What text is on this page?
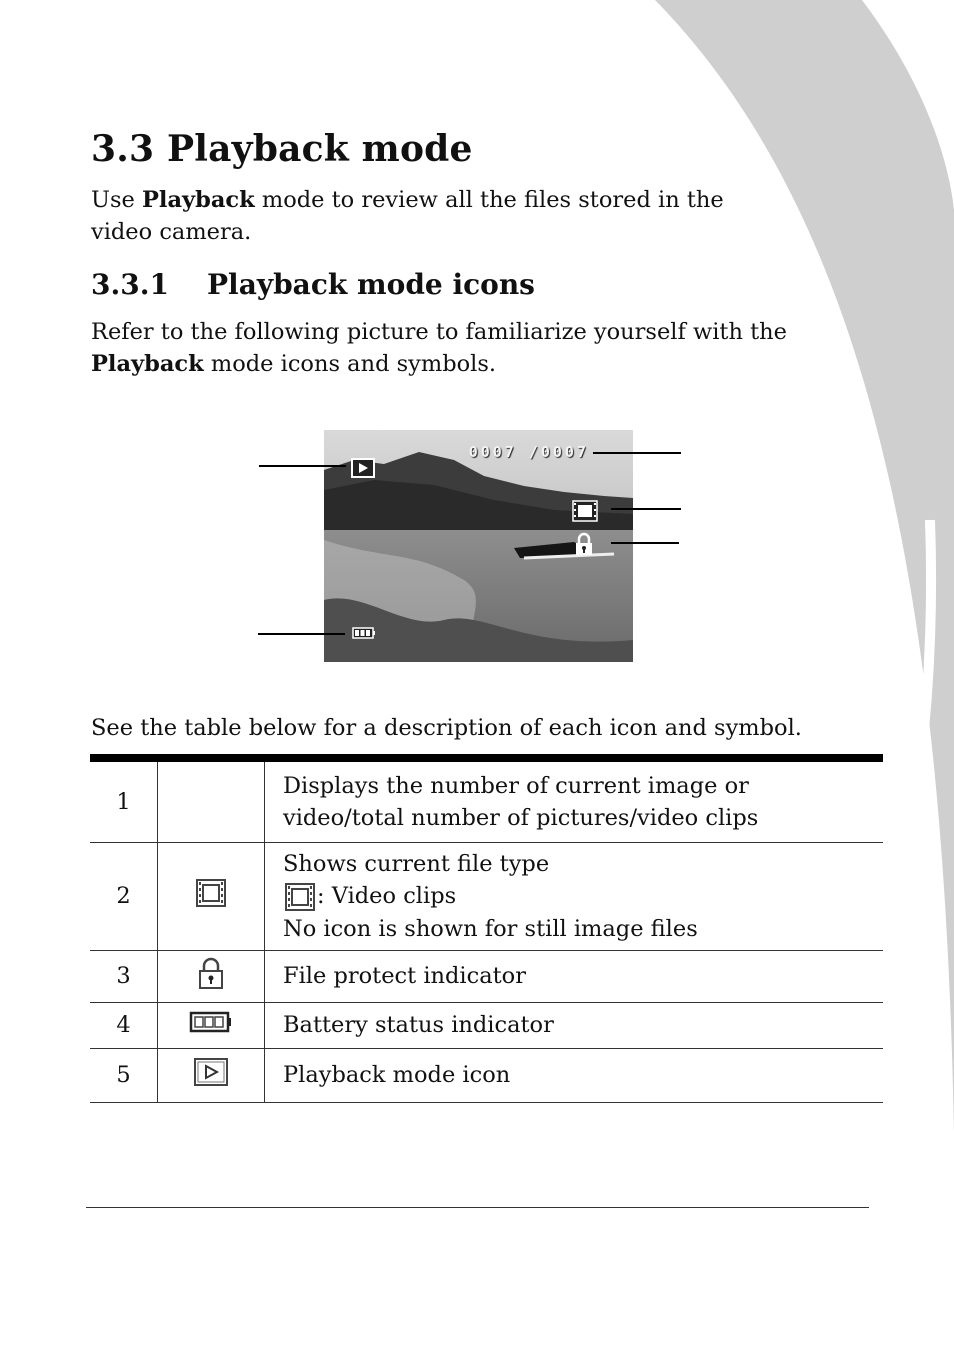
3.3 Playback mode

Use Playback mode to review all the files stored in the video camera.

3.3.1 Playback mode icons

Refer to the following picture to familiarize yourself with the Playback mode icons and symbols.

0007 /0007

See the table below for a description of each icon and symbol.

1		Displays the number of current image or
video/total number of pictures/video clips

2		Shows current file type
: Video clips
No icon is shown for still image files

3		File protect indicator
4		Battery status indicator
5		Playback mode icon
